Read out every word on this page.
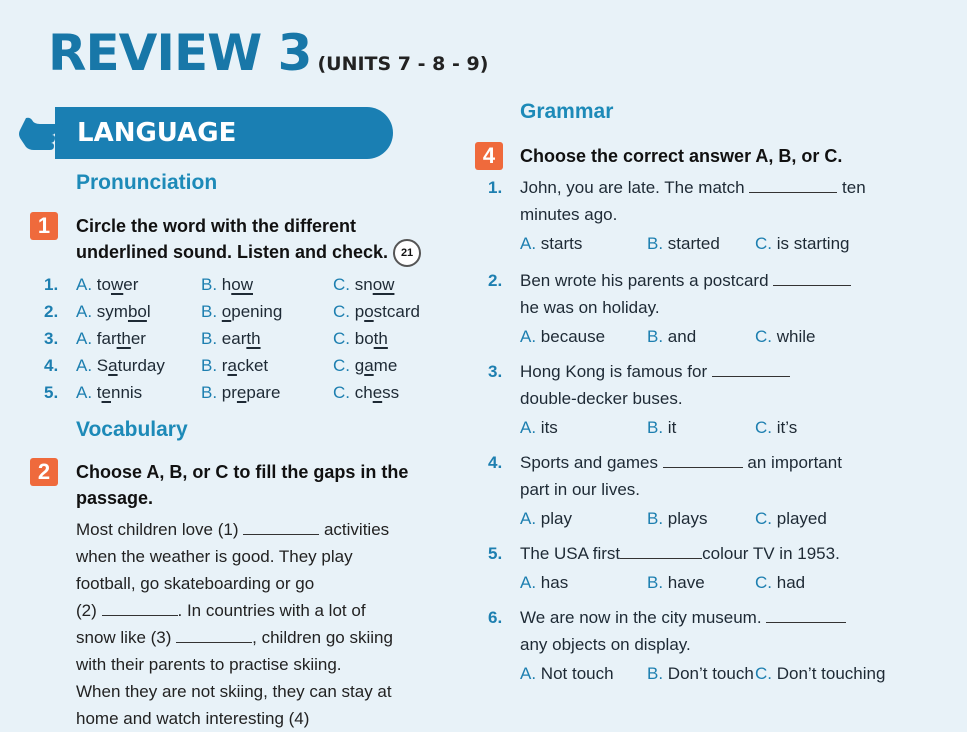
REVIEW 3 (UNITS 7 - 8 - 9)
LANGUAGE
Pronunciation
1	Circle the word with the different
underlined sound. Listen and check. 21
1. A. tower	B. how	C. snow
2. A. symbol	B. opening	C. postcard
3. A. farther	B. earth	C. both
4. A. Saturday B. racket	C. game
5. A. tennis	B. prepare	C. chess
Vocabulary
2	Choose A, B, or C to fill the gaps in the
passage.
Most children love (1)	activities
when the weather is good. They play
football, go skateboarding or go
(2)	. In countries with a lot of
snow like (3)	, children go skiing
with their parents to practise skiing.
When they are not skiing, they can stay at
home and watch interesting (4)
Grammar
4	Choose the correct answer A, B, or C.
1. John, you are late. The match	ten
minutes ago.
A. starts	B. started C. is starting
2. Ben wrote his parents a postcard
he was on holiday.
A. because B. and	C. while
3. Hong Kong is famous for
double-decker buses.
A. its	B. it	C. it’s
4. Sports and games	an important
part in our lives.
A. play	B. plays	C. played
5. The USA first	colour TV in 1953.
A. has	B. have	C. had
6. We are now in the city museum.
any objects on display.
A. Not touch B. Don’t touch C. Don’t touching
